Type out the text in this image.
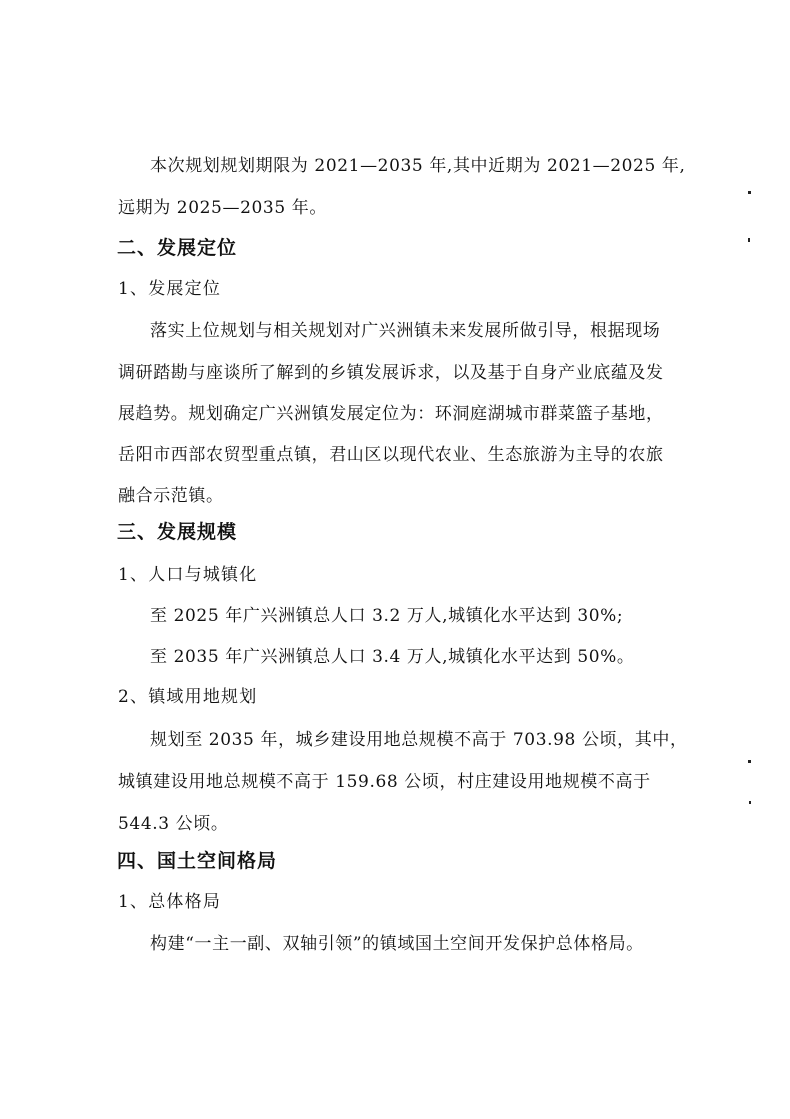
本次规划规划期限为 2021—2035 年,其中近期为 2021—2025 年,
远期为 2025—2035 年。
二、发展定位
1、发展定位
落实上位规划与相关规划对广兴洲镇未来发展所做引导，根据现场
调研踏勘与座谈所了解到的乡镇发展诉求，以及基于自身产业底蕴及发
展趋势。规划确定广兴洲镇发展定位为：环洞庭湖城市群菜篮子基地，
岳阳市西部农贸型重点镇，君山区以现代农业、生态旅游为主导的农旅
融合示范镇。
三、发展规模
1、人口与城镇化
至 2025 年广兴洲镇总人口 3.2 万人,城镇化水平达到 30%;
至 2035 年广兴洲镇总人口 3.4 万人,城镇化水平达到 50%。
2、镇域用地规划
规划至 2035 年，城乡建设用地总规模不高于 703.98 公顷，其中，
城镇建设用地总规模不高于 159.68 公顷，村庄建设用地规模不高于
544.3 公顷。
四、国土空间格局
1、总体格局
构建“一主一副、双轴引领”的镇域国土空间开发保护总体格局。
